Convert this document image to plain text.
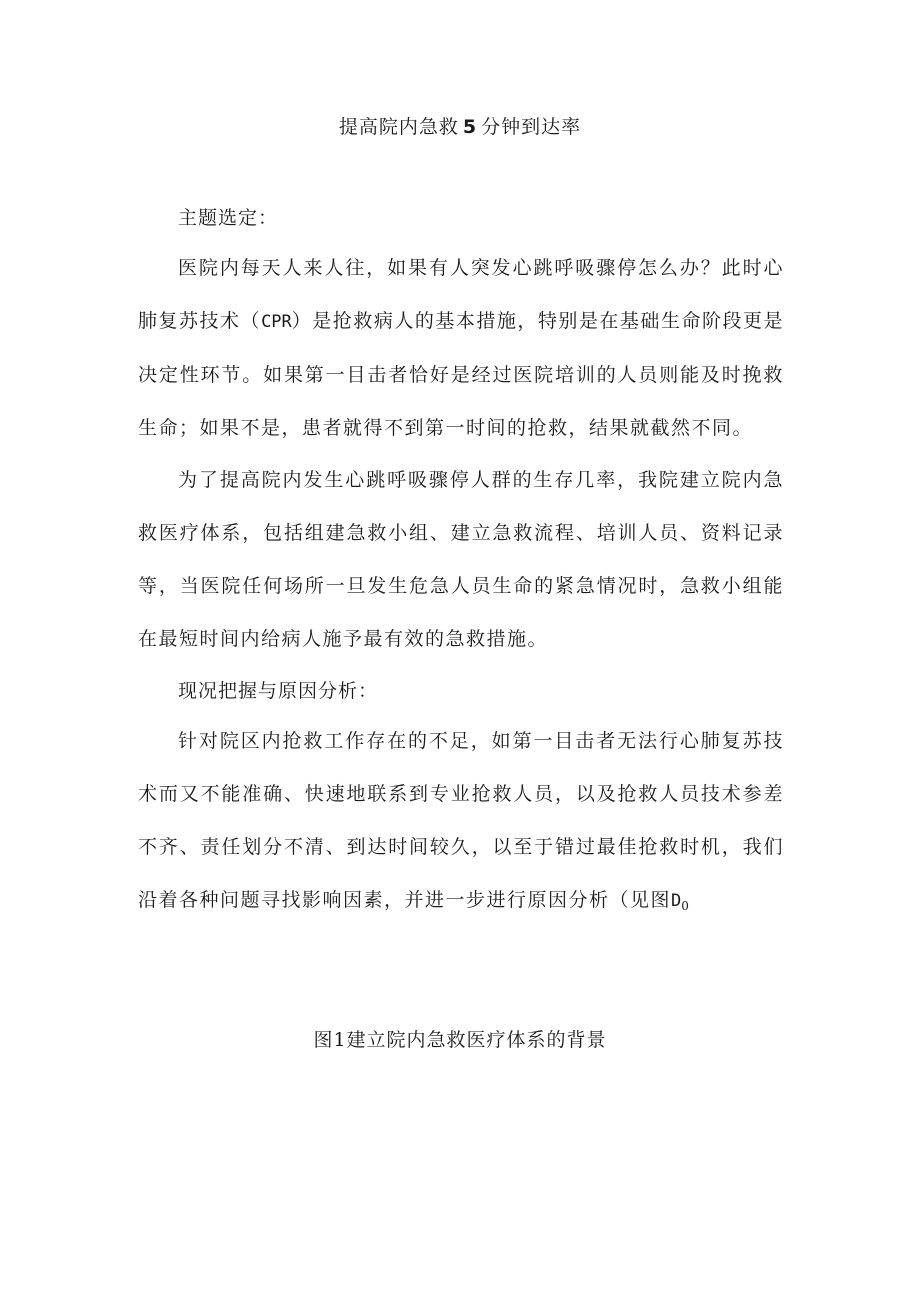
提高院内急救 5 分钟到达率
主题选定：

医院内每天人来人往，如果有人突发心跳呼吸骤停怎么办？此时心肺复苏技术（CPR）是抢救病人的基本措施，特别是在基础生命阶段更是决定性环节。如果第一目击者恰好是经过医院培训的人员则能及时挽救生命；如果不是，患者就得不到第一时间的抢救，结果就截然不同。

为了提高院内发生心跳呼吸骤停人群的生存几率，我院建立院内急救医疗体系，包括组建急救小组、建立急救流程、培训人员、资料记录等，当医院任何场所一旦发生危急人员生命的紧急情况时，急救小组能在最短时间内给病人施予最有效的急救措施。

现况把握与原因分析：

针对院区内抢救工作存在的不足，如第一目击者无法行心肺复苏技术而又不能准确、快速地联系到专业抢救人员，以及抢救人员技术参差不齐、责任划分不清、到达时间较久，以至于错过最佳抢救时机，我们沿着各种问题寻找影响因素，并进一步进行原因分析（见图$D_0$

图1建立院内急救医疗体系的背景
